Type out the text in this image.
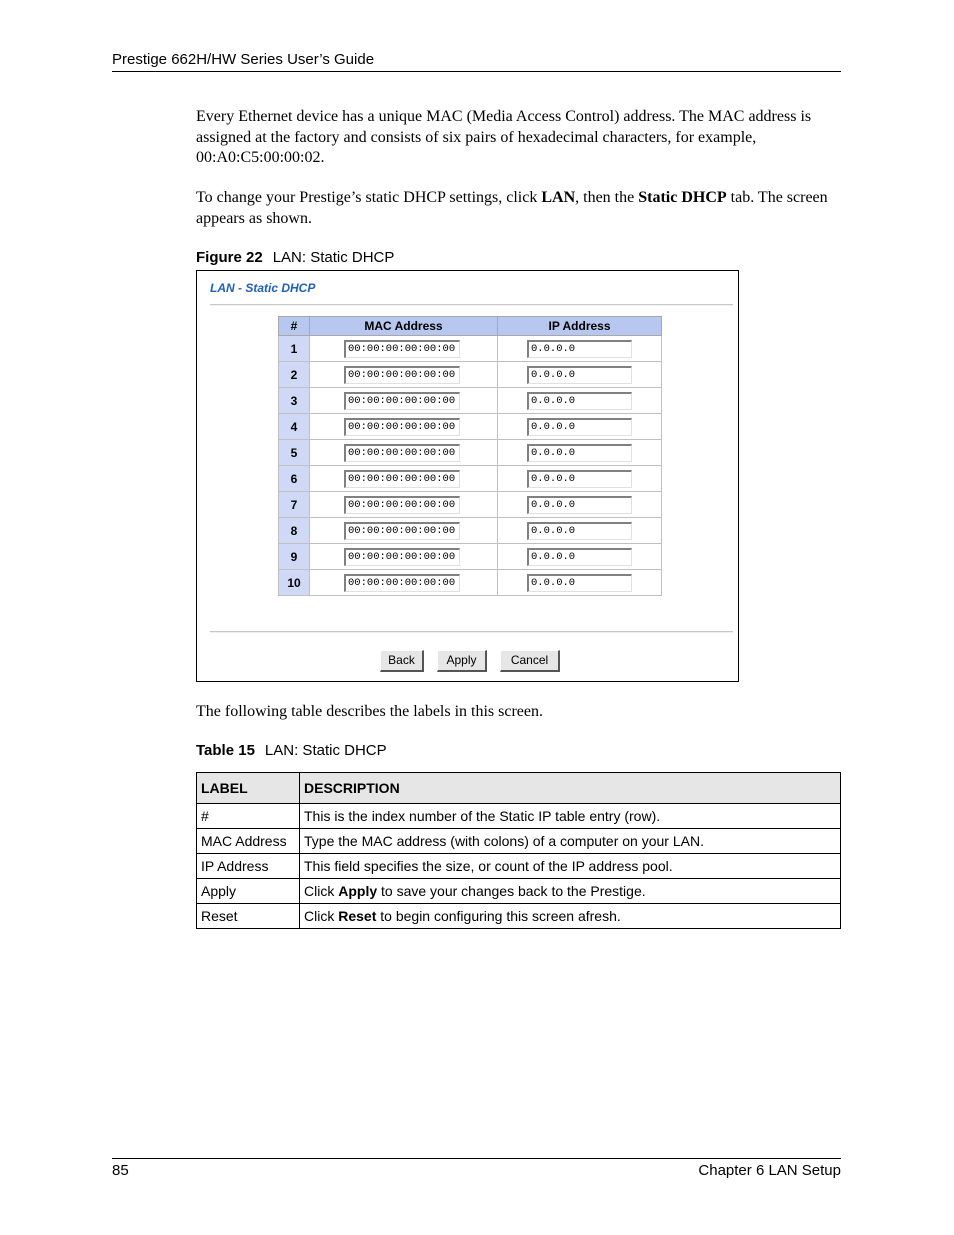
Prestige 662H/HW Series User’s Guide
Every Ethernet device has a unique MAC (Media Access Control) address. The MAC address is assigned at the factory and consists of six pairs of hexadecimal characters, for example, 00:A0:C5:00:00:02.
To change your Prestige’s static DHCP settings, click LAN, then the Static DHCP tab. The screen appears as shown.
Figure 22 LAN: Static DHCP
LAN - Static DHCP
#	MAC Address	IP Address
1	00:00:00:00:00:00	0.0.0.0

2	00:00:00:00:00:00	0.0.0.0

3	00:00:00:00:00:00	0.0.0.0

4	00:00:00:00:00:00	0.0.0.0

5	00:00:00:00:00:00	0.0.0.0

6	00:00:00:00:00:00	0.0.0.0

7	00:00:00:00:00:00	0.0.0.0

8	00:00:00:00:00:00	0.0.0.0

9	00:00:00:00:00:00	0.0.0.0

10	00:00:00:00:00:00	0.0.0.0
Back	Apply	Cancel
The following table describes the labels in this screen.
Table 15 LAN: Static DHCP
LABEL	DESCRIPTION
#	This is the index number of the Static IP table entry (row).
MAC Address	Type the MAC address (with colons) of a computer on your LAN.
IP Address	This field specifies the size, or count of the IP address pool.
Apply	Click Apply to save your changes back to the Prestige.
Reset	Click Reset to begin configuring this screen afresh.
85	Chapter 6 LAN Setup
